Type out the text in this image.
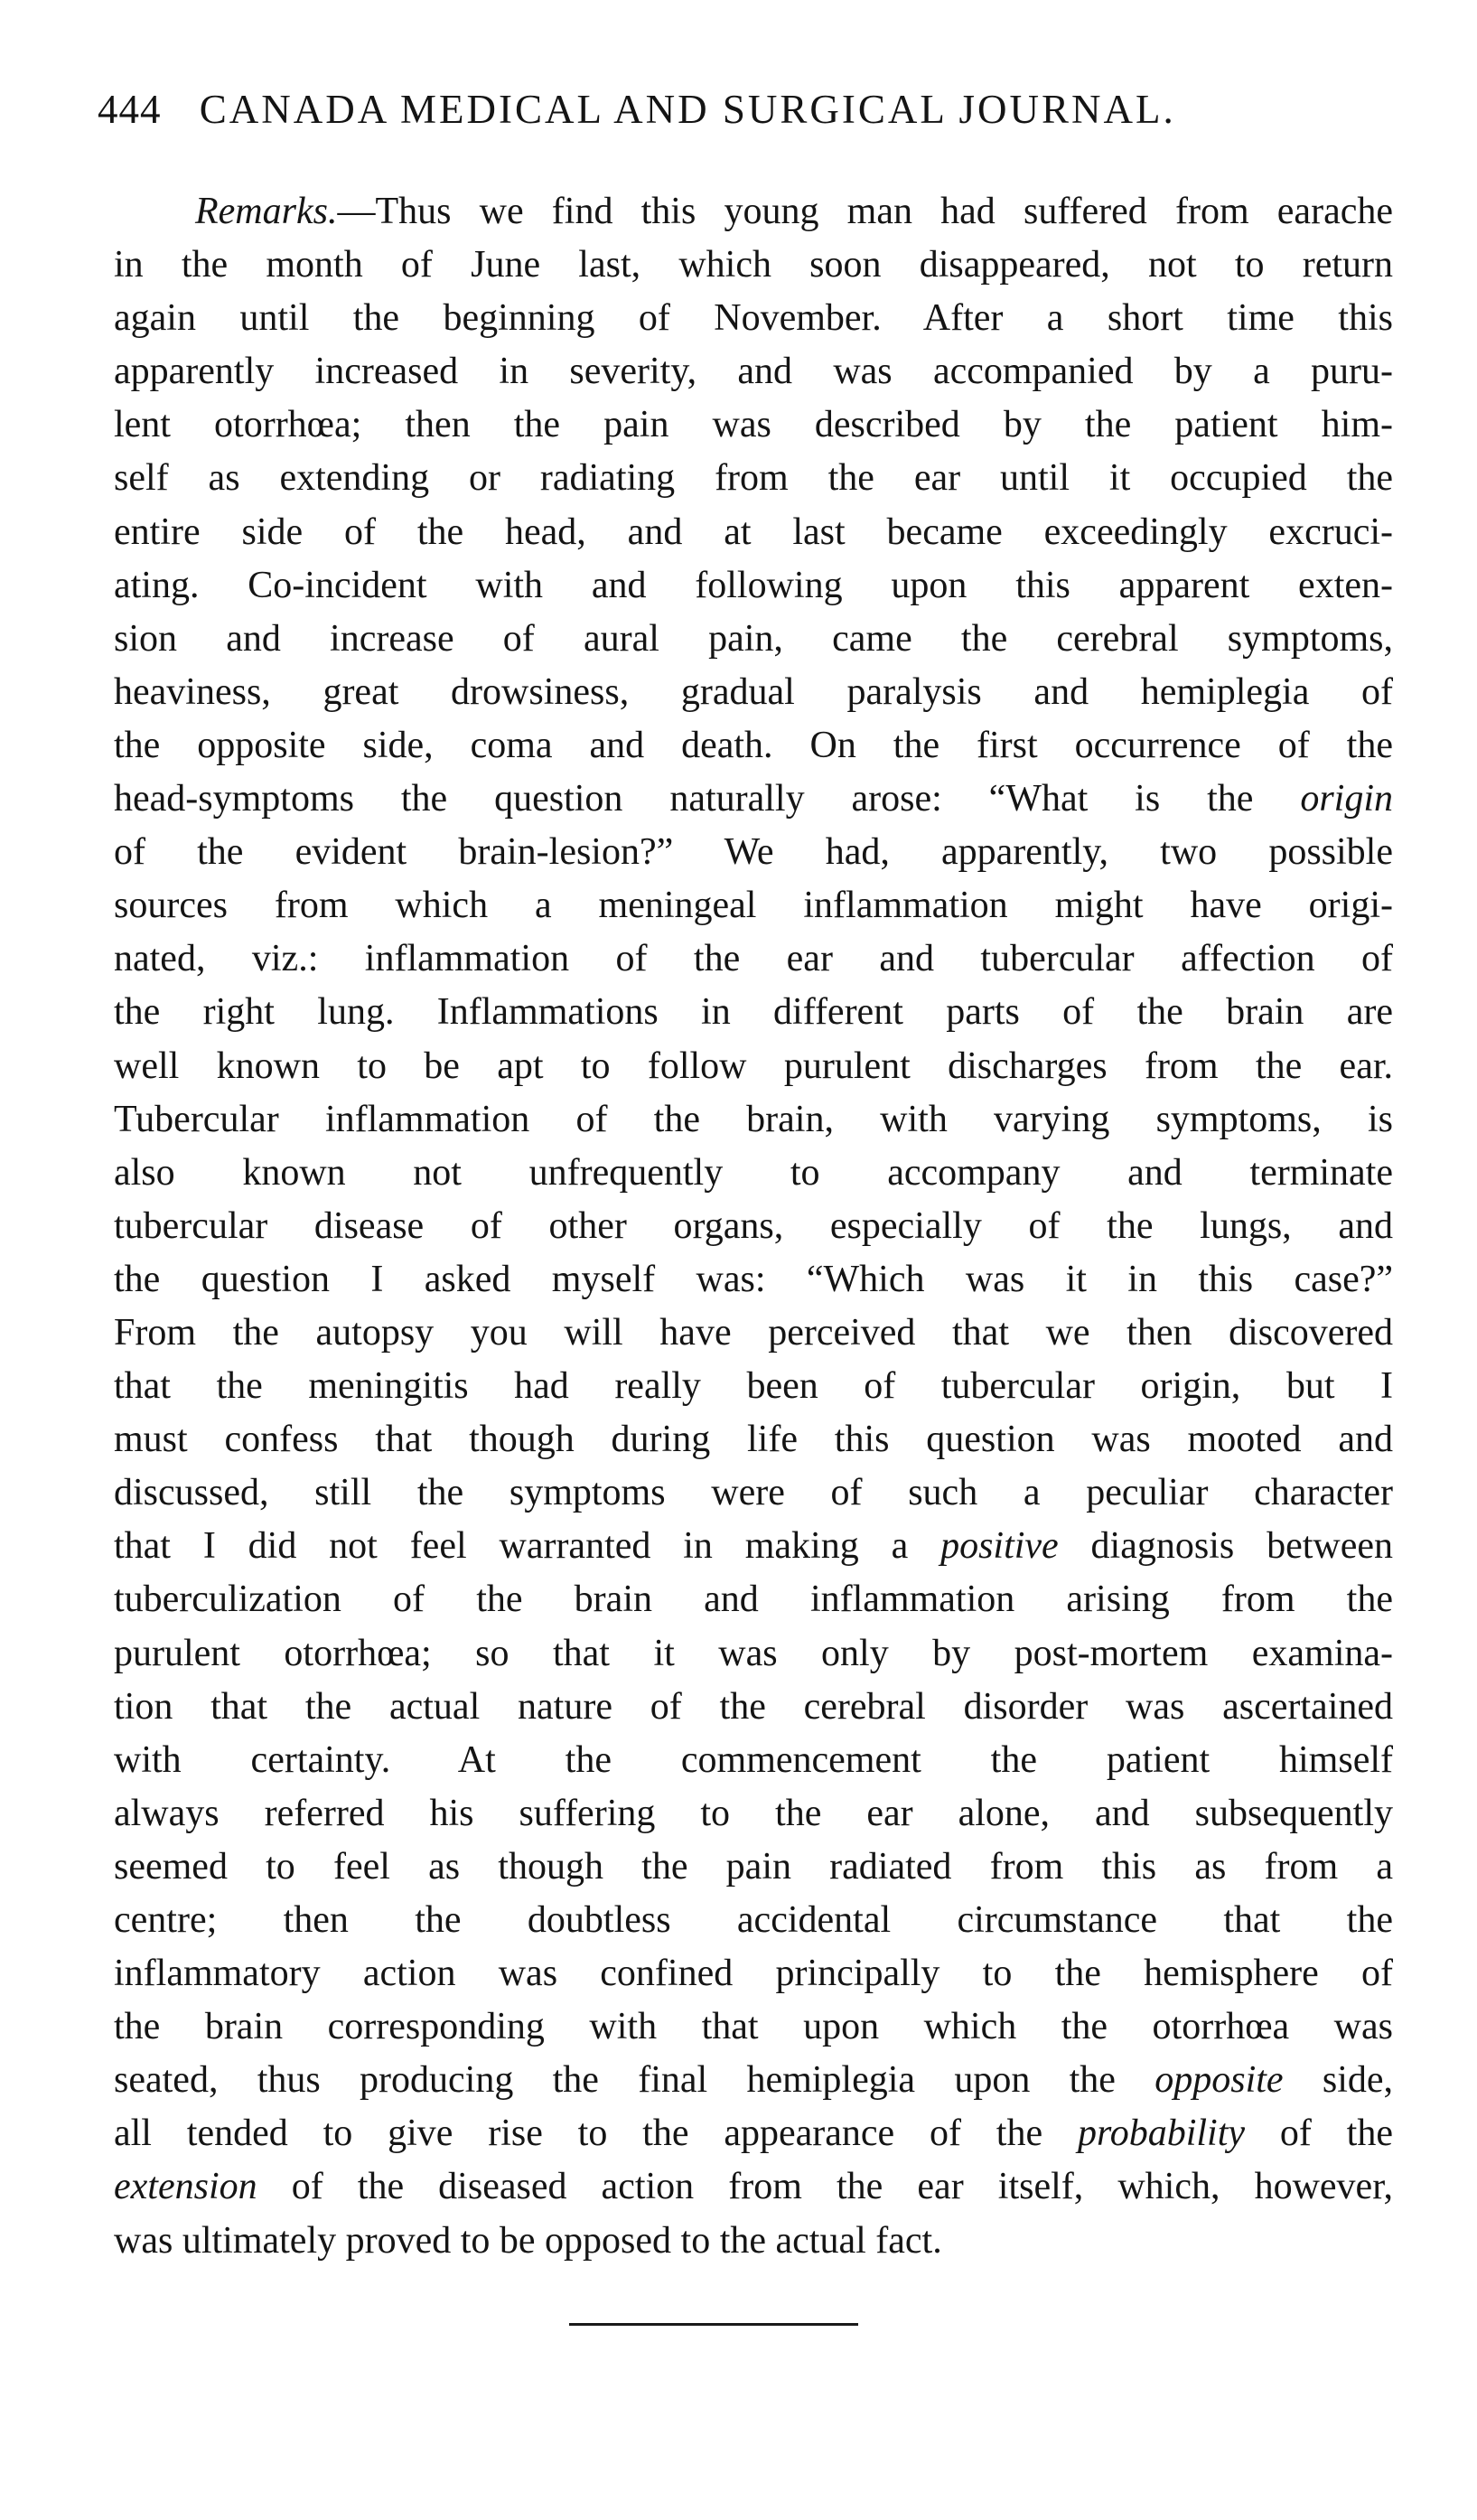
444 CANADA MEDICAL AND SURGICAL JOURNAL.
Remarks.—Thus we find this young man had suffered from earache
in the month of June last, which soon disappeared, not to return
again until the beginning of November. After a short time this
apparently increased in severity, and was accompanied by a puru-
lent otorrhœa; then the pain was described by the patient him-
self as extending or radiating from the ear until it occupied the
entire side of the head, and at last became exceedingly excruci-
ating. Co-incident with and following upon this apparent exten-
sion and increase of aural pain, came the cerebral symptoms,
heaviness, great drowsiness, gradual paralysis and hemiplegia of
the opposite side, coma and death. On the first occurrence of the
head-symptoms the question naturally arose: “What is the origin
of the evident brain-lesion?” We had, apparently, two possible
sources from which a meningeal inflammation might have origi-
nated, viz.: inflammation of the ear and tubercular affection of
the right lung. Inflammations in different parts of the brain are
well known to be apt to follow purulent discharges from the ear.
Tubercular inflammation of the brain, with varying symptoms, is
also known not unfrequently to accompany and terminate
tubercular disease of other organs, especially of the lungs, and
the question I asked myself was: “Which was it in this case?”
From the autopsy you will have perceived that we then discovered
that the meningitis had really been of tubercular origin, but I
must confess that though during life this question was mooted and
discussed, still the symptoms were of such a peculiar character
that I did not feel warranted in making a positive diagnosis between
tuberculization of the brain and inflammation arising from the
purulent otorrhœa; so that it was only by post-mortem examina-
tion that the actual nature of the cerebral disorder was ascertained
with certainty. At the commencement the patient himself
always referred his suffering to the ear alone, and subsequently
seemed to feel as though the pain radiated from this as from a
centre; then the doubtless accidental circumstance that the
inflammatory action was confined principally to the hemisphere of
the brain corresponding with that upon which the otorrhœa was
seated, thus producing the final hemiplegia upon the opposite side,
all tended to give rise to the appearance of the probability of the
extension of the diseased action from the ear itself, which, however,
was ultimately proved to be opposed to the actual fact.
